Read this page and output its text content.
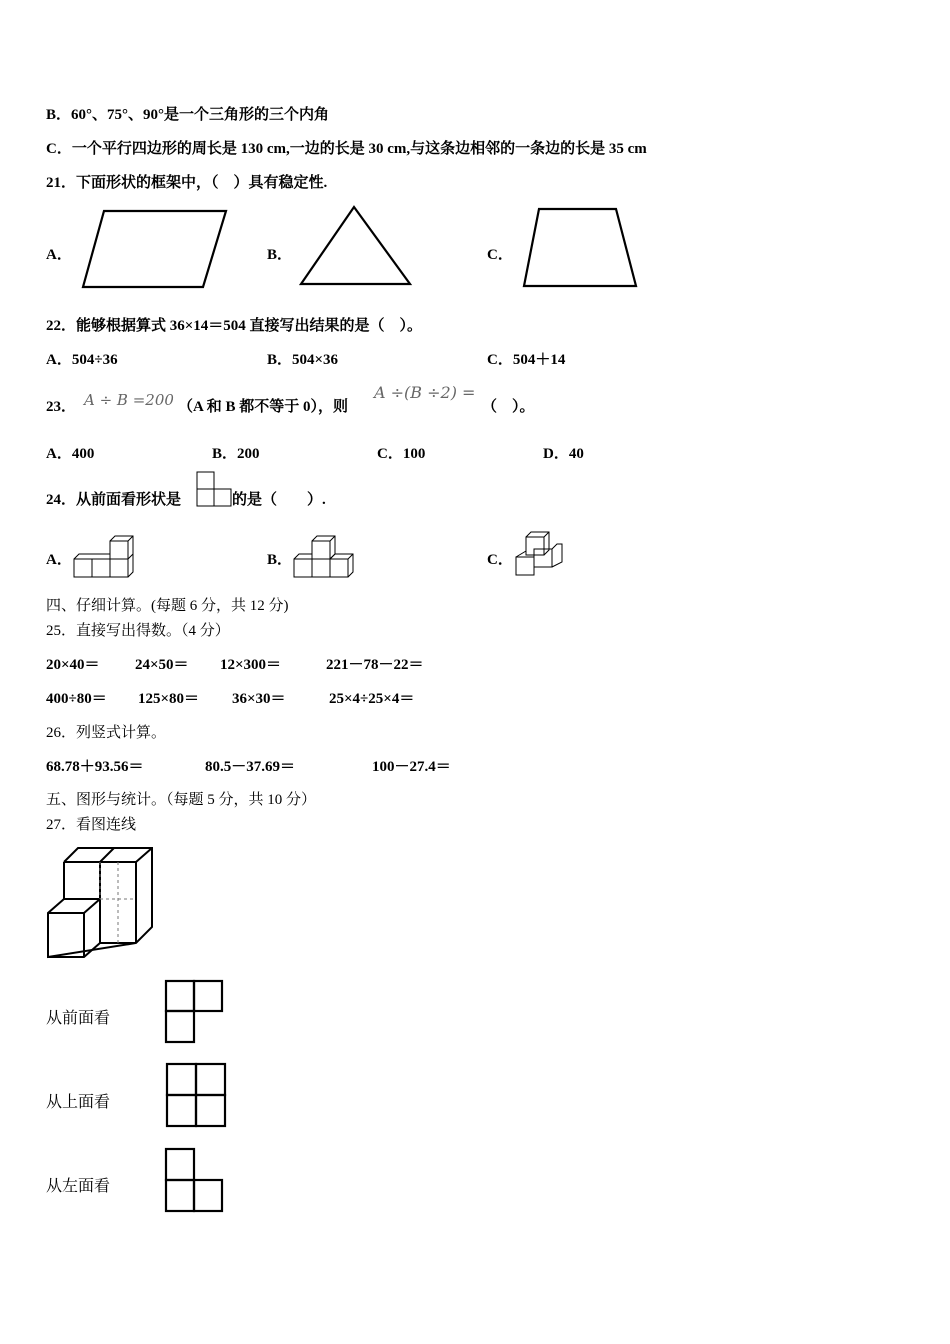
B．60°、75°、90°是一个三角形的三个内角
C．一个平行四边形的周长是 130 cm,一边的长是 30 cm,与这条边相邻的一条边的长是 35 cm
21．下面形状的框架中，（　）具有稳定性.
A．	B．	C．
22．能够根据算式 36×14＝504 直接写出结果的是（　）。
A．504÷36	B．504×36	C．504＋14
23． A ÷ B =200 （A 和 B 都不等于 0），则
A ÷(B ÷2) =
（　）。
A．400	B．200	C．100	D．40
24．从前面看形状是	的是（　　）.
A．	B．	C．
四、仔细计算。(每题 6 分，共 12 分)
25．直接写出得数。（4 分）
20×40＝ 24×50＝ 12×300＝	221－78－22＝
400÷80＝ 125×80＝ 36×30＝	25×4÷25×4＝
26．列竖式计算。
68.78＋93.56＝	80.5－37.69＝	100－27.4＝
五、图形与统计。（每题 5 分，共 10 分）
27．看图连线
从前面看
从上面看
从左面看
